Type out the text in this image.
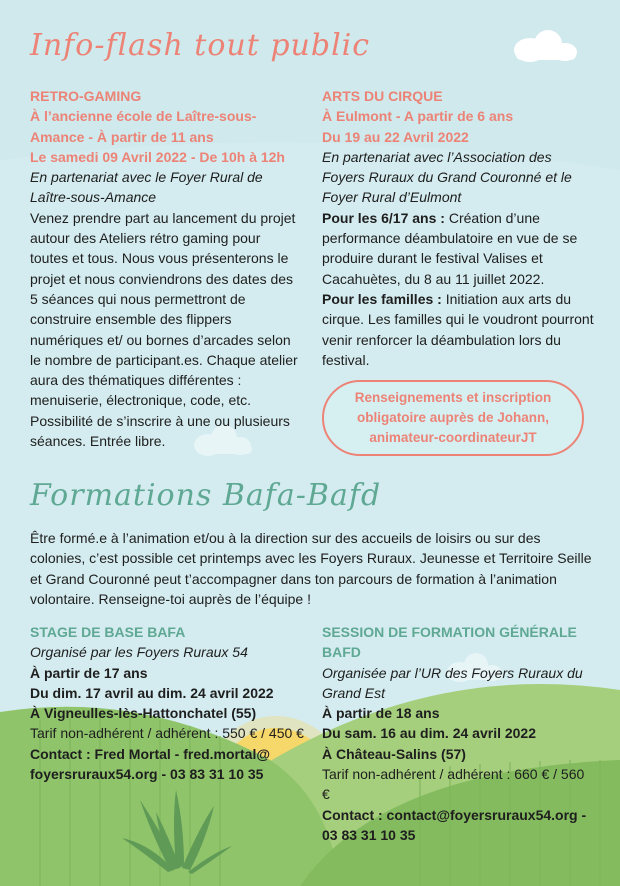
Info-flash tout public
RETRO-GAMING
À l’ancienne école de Laître-sous-Amance - À partir de 11 ans
Le samedi 09 Avril 2022 - De 10h à 12h
En partenariat avec le Foyer Rural de Laître-sous-Amance
Venez prendre part au lancement du projet autour des Ateliers rétro gaming pour toutes et tous. Nous vous présenterons le projet et nous conviendrons des dates des 5 séances qui nous permettront de construire ensemble des flippers numériques et/ ou bornes d’arcades selon le nombre de participant.es. Chaque atelier aura des thématiques différentes : menuiserie, électronique, code, etc. Possibilité de s’inscrire à une ou plusieurs séances. Entrée libre.
ARTS DU CIRQUE
À Eulmont - A partir de 6 ans
Du 19 au 22 Avril 2022
En partenariat avec l’Association des Foyers Ruraux du Grand Couronné et le Foyer Rural d’Eulmont
Pour les 6/17 ans : Création d’une performance déambulatoire en vue de se produire durant le festival Valises et Cacahuètes, du 8 au 11 juillet 2022.
Pour les familles : Initiation aux arts du cirque. Les familles qui le voudront pourront venir renforcer la déambulation lors du festival.

Renseignements et inscription obligatoire auprès de Johann, animateur-coordinateurJT

Formations Bafa-Bafd
Être formé.e à l’animation et/ou à la direction sur des accueils de loisirs ou sur des colonies, c’est possible cet printemps avec les Foyers Ruraux. Jeunesse et Territoire Seille et Grand Couronné peut t’accompagner dans ton parcours de formation à l’animation volontaire. Renseigne-toi auprès de l’équipe !
STAGE DE BASE BAFA
Organisé par les Foyers Ruraux 54
À partir de 17 ans
Du dim. 17 avril au dim. 24 avril 2022
À Vigneulles-lès-Hattonchatel (55)
Tarif non-adhérent / adhérent : 550 € / 450 €
Contact : Fred Mortal - fred.mortal@ foyersruraux54.org - 03 83 31 10 35
SESSION DE FORMATION GÉNÉRALE BAFD
Organisée par l’UR des Foyers Ruraux du Grand Est
À partir de 18 ans
Du sam. 16 au dim. 24 avril 2022
À Château-Salins (57)
Tarif non-adhérent / adhérent : 660 € / 560 €
Contact : contact@foyersruraux54.org - 03 83 31 10 35
